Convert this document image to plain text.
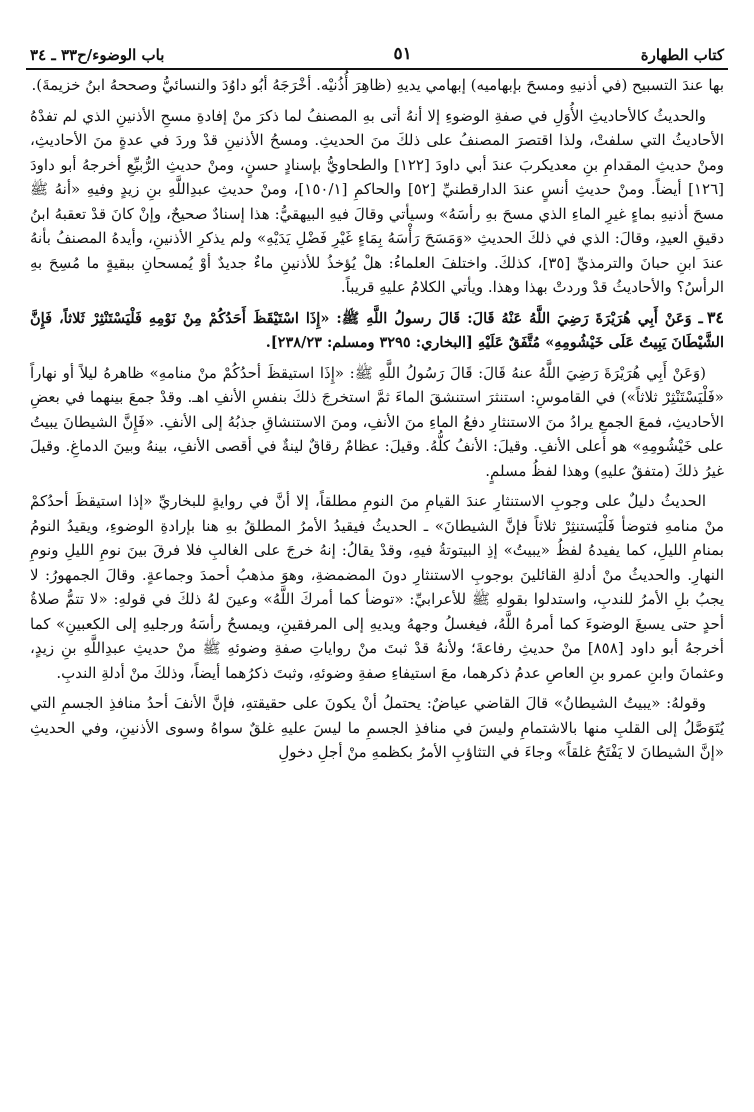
كتاب الطهارة
٥١
باب الوضوء/ح٣٣ ـ ٣٤

بها عندَ التسبيح (في أذنيهِ ومسحَ بإبهاميه) إبهامي يديهِ (ظاهِرَ أُذُنيْه. أخْرَجَهُ أبُو داوُدَ والنسائيُّ وصححهُ ابنُ خزيمةَ).

والحديثُ كالأحاديثِ الأُوَلِ في صفةِ الوضوءِ إلا أنهُ أتى بهِ المصنفُ لما ذكرَ منْ إفادةِ مسحِ الأذنينِ الذي لم تفدْهُ الأحاديثُ التي سلفتْ، ولذا اقتصرَ المصنفُ على ذلكَ منَ الحديثِ. ومسحُ الأذنينِ قدْ وردَ في عدةٍ منَ الأحاديثِ، ومنْ حديثِ المقدامِ بنِ معديكربَ عندَ أبي داودَ [١٢٢] والطحاويُّ بإسنادٍ حسنٍ، ومنْ حديثِ الرُّبيِّعِ أخرجهُ أبو داودَ [١٢٦] أيضاً. ومنْ حديثِ أنسٍ عندَ الدارقطنيِّ [٥٢] والحاكمِ [١٥٠/١]، ومنْ حديثِ عبدِاللَّهِ بنِ زيدٍ وفيهِ «أنهُ ﷺ مسحَ أذنيهِ بماءٍ غيرِ الماءِ الذي مسحَ بهِ رأسَهُ» وسيأتي وقالَ فيهِ البيهقيُّ: هذا إسنادٌ صحيحٌ، وإنْ كانَ قدْ تعقبهُ ابنُ دقيقِ العيدِ، وقالَ: الذي في ذلكَ الحديثِ «وَمَسَحَ رَأْسَهُ بِمَاءٍ غَيْرِ فَضْلِ يَدَيْهِ» ولم يذكرِ الأذنينِ، وأيدهُ المصنفُ بأنهُ عندَ ابنِ حبانَ والترمذيِّ [٣٥]، كذلكَ. واختلفَ العلماءُ: هلْ يُؤخذُ للأذنينِ ماءٌ جديدٌ أوْ يُمسحانِ ببقيةٍ ما مُسِحَ بهِ الرأسُ؟ والأحاديثُ قدْ وردتْ بهذا وهذا. ويأتي الكلامُ عليهِ قريباً.

٣٤ـ وَعَنْ أَبِي هُرَيْرَةَ رَضِيَ اللَّهُ عَنْهُ قَالَ: قَالَ رسولُ اللَّهِ ﷺ: «إِذَا اسْتَيْقَظَ أَحَدُكُمْ مِنْ نَوْمِهِ فَلْيَسْتَنْثِرْ ثَلاثاً، فَإِنَّ الشَّيْطَانَ يَبِيتُ عَلَى خَيْشُومِهِ» مُتَّفَقٌ عَلَيْهِ [البخاري: ٣٢٩٥ ومسلم: ٢٣٨/٢٣].

(وَعَنْ أَبِي هُرَيْرَةَ رَضِيَ اللَّهُ عنهُ قَالَ: قَالَ رَسُولُ اللَّهِ ﷺ: «إِذَا استيقظَ أحدُكُمْ منْ منامهِ» ظاهرهُ ليلاً أو نهاراً «فَلْيَسْتَنْثِرْ ثلاثاً») في القاموسِ: استنثرَ استنشقَ الماءَ ثمَّ استخرجَ ذلكَ بنفسِ الأنفِ اهـ. وقدْ جمعَ بينهما في بعضِ الأحاديثِ، فمعَ الجمعِ يرادُ منَ الاستنثارِ دفعُ الماءِ منَ الأنفِ، ومنَ الاستنشاقِ جذبُهُ إلى الأنفِ. «فَإِنَّ الشيطانَ يبيتُ على خَيْشُومِهِ» هو أعلى الأنفِ. وقيلَ: الأنفُ كلُّهُ. وقيلَ: عظامٌ رقاقٌ لينةٌ في أقصى الأنفِ، بينهُ وبينَ الدماغِ. وقيلَ غيرُ ذلكَ (متفقٌ عليهِ) وهذا لفظُ مسلمٍ.

الحديثُ دليلٌ على وجوبِ الاستنثارِ عندَ القيامِ منَ النومِ مطلقاً، إلا أنَّ في روايةٍ للبخاريِّ «إذا استيقظَ أحدُكمْ منْ منامهِ فتوضأ فَلْيَستنثِرْ ثلاثاً فإنَّ الشيطانَ» ـ الحديثُ فيقيدُ الأمرُ المطلقُ بهِ هنا بإرادةِ الوضوءِ، ويقيدُ النومُ بمنامِ الليلِ، كما يفيدهُ لفظُ «يبيتُ» إذِ البيتوتةُ فيهِ، وقدْ يقالُ: إنهُ خرجَ على الغالبِ فلا فرقَ بينَ نومِ الليلِ ونومِ النهارِ. والحديثُ منْ أدلةِ القائلينَ بوجوبِ الاستنثارِ دونَ المضمضةِ، وهوَ مذهبُ أحمدَ وجماعةٍ. وقالَ الجمهورُ: لا يجبُ بلِ الأمرُ للندبِ، واستدلوا بقولهِ ﷺ للأعرابيِّ: «توضأ كما أمركَ اللَّهُ» وعينَ لهُ ذلكَ في قولهِ: «لا تتمُّ صلاةُ أحدٍ حتى يسبغَ الوضوءَ كما أمرهُ اللَّهُ، فيغسلُ وجههُ ويديهِ إلى المرفقينِ، ويمسحُ رأسَهُ ورجليهِ إلى الكعبينِ» كما أخرجهُ أبو داود [٨٥٨] منْ حديثِ رفاعةَ؛ ولأنهُ قدْ ثبتَ منْ رواياتِ صفةِ وضوئهِ ﷺ منْ حديثِ عبدِاللَّهِ بنِ زيدٍ، وعثمانَ وابنِ عمرو بنِ العاصِ عدمُ ذكرهما، معَ استيفاءِ صفةِ وضوئهِ، وثبتَ ذكرُهما أيضاً، وذلكَ منْ أدلةِ الندبِ.

وقولهُ: «يبيتُ الشيطانُ» قالَ القاضي عياضٌ: يحتملُ أنْ يكونَ على حقيقتهِ، فإنَّ الأنفَ أحدُ منافذِ الجسمِ التي يُتَوَصَّلُ إلى القلبِ منها بالاشتمامِ وليسَ في منافذِ الجسمِ ما ليسَ عليهِ غلقٌ سواهُ وسوى الأذنينِ، وفي الحديثِ «إنَّ الشيطانَ لا يَفْتَحُ غلقاً» وجاءَ في التثاؤبِ الأمرُ بكظمهِ منْ أجلِ دخولِ
